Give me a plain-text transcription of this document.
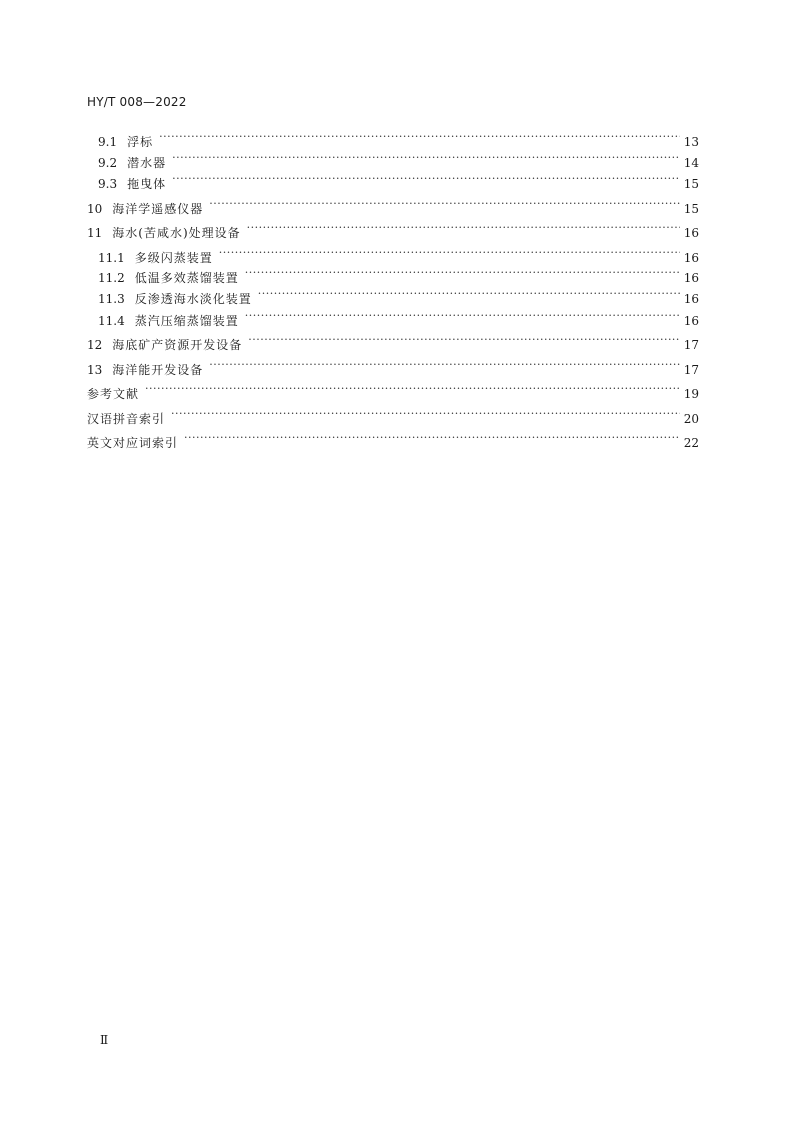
HY/T 008—2022
9.1 浮标 ·····	13
9.2 潜水器 ·····	14
9.3 拖曳体 ·····	15
10 海洋学遥感仪器 ·····	15
11 海水(苦咸水)处理设备 ·····	16
11.1 多级闪蒸装置 ·····	16
11.2 低温多效蒸馏装置 ·····	16
11.3 反渗透海水淡化装置 ·····	16
11.4 蒸汽压缩蒸馏装置 ·····	16
12 海底矿产资源开发设备 ·····	17
13 海洋能开发设备 ·····	17
参考文献 ·····	19
汉语拼音索引 ·····	20
英文对应词索引 ·····	22
Ⅱ
